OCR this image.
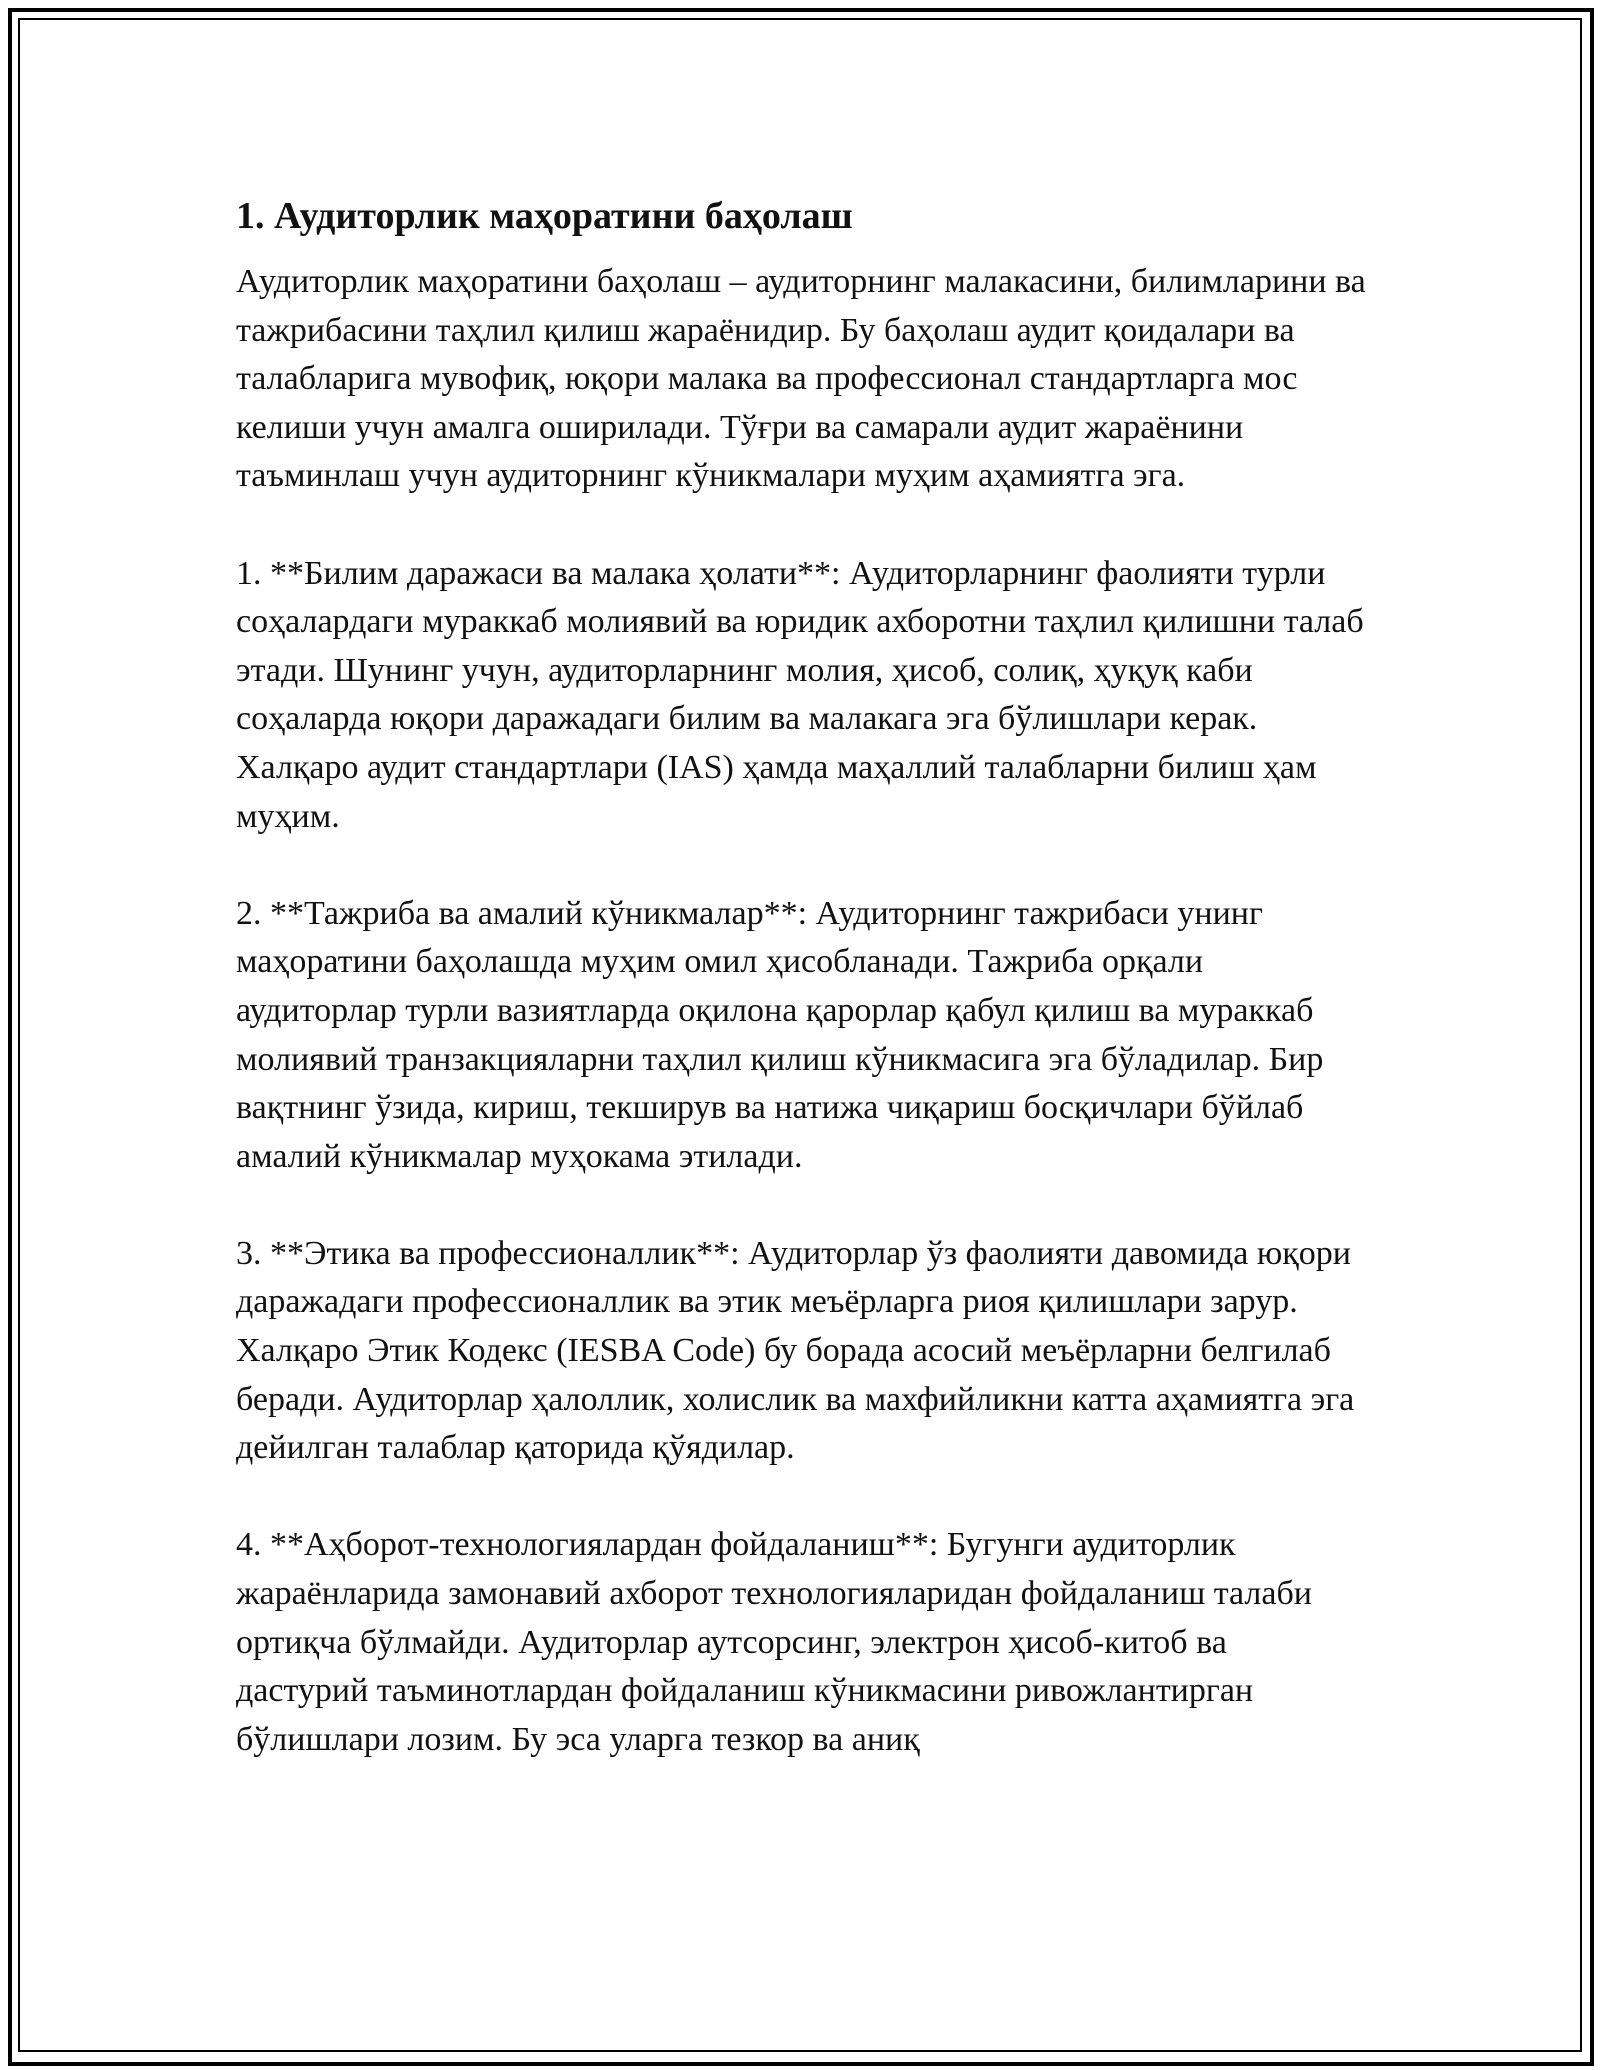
1. Аудиторлик маҳоратини баҳолаш

Аудиторлик маҳоратини баҳолаш – аудиторнинг малакасини, билимларини ва тажрибасини таҳлил қилиш жараёнидир. Бу баҳолаш аудит қоидалари ва талабларига мувофиқ, юқори малака ва профессионал стандартларга мос келиши учун амалга оширилади. Тўғри ва самарали аудит жараёнини таъминлаш учун аудиторнинг кўникмалари муҳим аҳамиятга эга.

1. **Билим даражаси ва малака ҳолати**: Аудиторларнинг фаолияти турли соҳалардаги мураккаб молиявий ва юридик ахборотни таҳлил қилишни талаб этади. Шунинг учун, аудиторларнинг молия, ҳисоб, солиқ, ҳуқуқ каби соҳаларда юқори даражадаги билим ва малакага эга бўлишлари керак. Халқаро аудит стандартлари (IAS) ҳамда маҳаллий талабларни билиш ҳам муҳим.

2. **Тажриба ва амалий кўникмалар**: Аудиторнинг тажрибаси унинг маҳоратини баҳолашда муҳим омил ҳисобланади. Тажриба орқали аудиторлар турли вазиятларда оқилона қарорлар қабул қилиш ва мураккаб молиявий транзакцияларни таҳлил қилиш кўникмасига эга бўладилар. Бир вақтнинг ўзида, кириш, текширув ва натижа чиқариш босқичлари бўйлаб амалий кўникмалар муҳокама этилади.

3. **Этика ва профессионаллик**: Аудиторлар ўз фаолияти давомида юқори даражадаги профессионаллик ва этик меъёрларга риоя қилишлари зарур. Халқаро Этик Кодекс (IESBA Code) бу борада асосий меъёрларни белгилаб беради. Аудиторлар ҳалоллик, холислик ва махфийликни катта аҳамиятга эга дейилган талаблар қаторида қўядилар.

4. **Аҳборот-технологиялардан фойдаланиш**: Бугунги аудиторлик жараёнларида замонавий ахборот технологияларидан фойдаланиш талаби ортиқча бўлмайди. Аудиторлар аутсорсинг, электрон ҳисоб-китоб ва дастурий таъминотлардан фойдаланиш кўникмасини ривожлантирган бўлишлари лозим. Бу эса уларга тезкор ва аниқ
